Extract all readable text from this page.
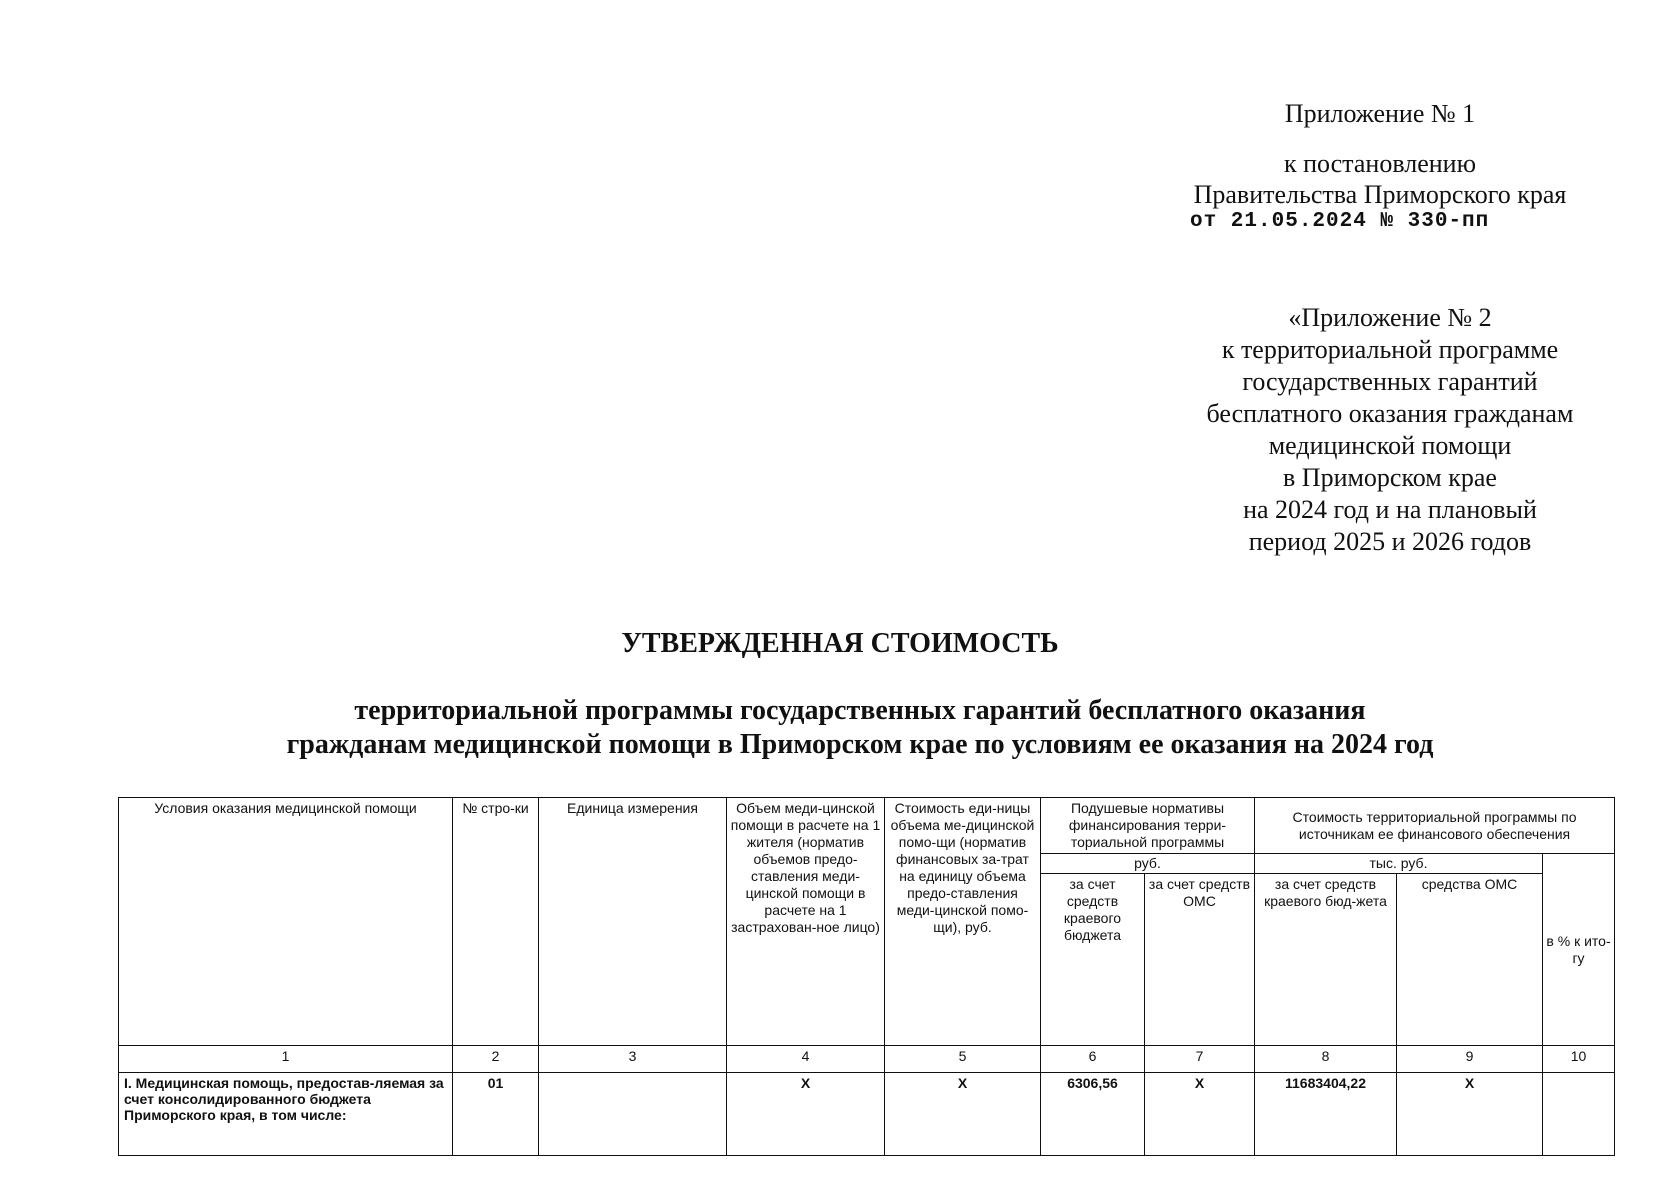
Приложение № 1
к постановлению
Правительства Приморского края
от 21.05.2024 № 330-пп
«Приложение № 2
к территориальной программе
государственных гарантий
бесплатного оказания гражданам
медицинской помощи
в Приморском крае
на 2024 год и на плановый
период 2025 и 2026 годов
УТВЕРЖДЕННАЯ СТОИМОСТЬ
территориальной программы государственных гарантий бесплатного оказания
гражданам медицинской помощи в Приморском крае по условиям ее оказания на 2024 год
Условия оказания медицинской помощи	№ стро-ки	Единица измерения	Объем меди-цинской помощи в расчете на 1 жителя (норматив объемов предо-ставления меди-цинской помощи в расчете на 1 застрахован-ное лицо)	Стоимость еди-ницы объема ме-дицинской помо-щи (норматив финансовых за-трат на единицу объема предо-ставления меди-цинской помо-щи), руб.	Подушевые нормативы финансирования терри-ториальной программы		Стоимость территориальной программы по источникам ее финансового обеспечения		
					руб.		тыс. руб.		в % к ито-гу
					за счет средств краевого бюджета	за счет средств ОМС	за счет средств краевого бюд-жета	средства ОМС	
1	2	3	4	5	6	7	8	9	10
I. Медицинская помощь, предостав-ляемая за счет консолидированного бюджета Приморского края, в том числе:	01		X	X	6306,56	X	11683404,22	X	
